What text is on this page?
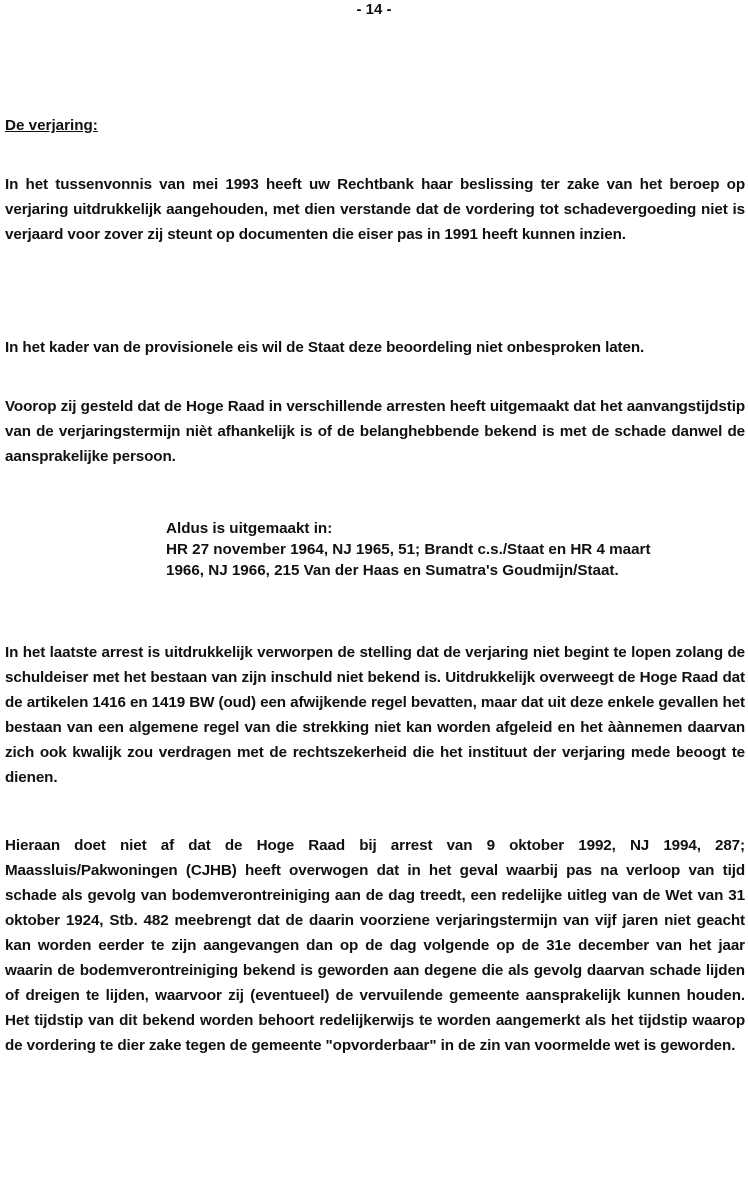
- 14 -
De verjaring:

In het tussenvonnis van mei 1993 heeft uw Rechtbank haar beslissing ter zake van het beroep op verjaring uitdrukkelijk aangehouden, met dien verstande dat de vordering tot schadevergoeding niet is verjaard voor zover zij steunt op documenten die eiser pas in 1991 heeft kunnen inzien.

In het kader van de provisionele eis wil de Staat deze beoordeling niet onbesproken laten.

Voorop zij gesteld dat de Hoge Raad in verschillende arresten heeft uitgemaakt dat het aanvangstijdstip van de verjaringstermijn nièt afhankelijk is of de belanghebbende bekend is met de schade danwel de aansprakelijke persoon.

Aldus is uitgemaakt in:
HR 27 november 1964, NJ 1965, 51; Brandt c.s./Staat en HR 4 maart
1966, NJ 1966, 215 Van der Haas en Sumatra's Goudmijn/Staat.

In het laatste arrest is uitdrukkelijk verworpen de stelling dat de verjaring niet begint te lopen zolang de schuldeiser met het bestaan van zijn inschuld niet bekend is. Uitdrukkelijk overweegt de Hoge Raad dat de artikelen 1416 en 1419 BW (oud) een afwijkende regel bevatten, maar dat uit deze enkele gevallen het bestaan van een algemene regel van die strekking niet kan worden afgeleid en het àànnemen daarvan zich ook kwalijk zou verdragen met de rechtszekerheid die het instituut der verjaring mede beoogt te dienen.

Hieraan doet niet af dat de Hoge Raad bij arrest van 9 oktober 1992, NJ 1994, 287; Maassluis/Pakwoningen (CJHB) heeft overwogen dat in het geval waarbij pas na verloop van tijd schade als gevolg van bodemverontreiniging aan de dag treedt, een redelijke uitleg van de Wet van 31 oktober 1924, Stb. 482 meebrengt dat de daarin voorziene verjaringstermijn van vijf jaren niet geacht kan worden eerder te zijn aangevangen dan op de dag volgende op de 31e december van het jaar waarin de bodemverontreiniging bekend is geworden aan degene die als gevolg daarvan schade lijden of dreigen te lijden, waarvoor zij (eventueel) de vervuilende gemeente aansprakelijk kunnen houden. Het tijdstip van dit bekend worden behoort redelijkerwijs te worden aangemerkt als het tijdstip waarop de vordering te dier zake tegen de gemeente "opvorderbaar" in de zin van voormelde wet is geworden.
